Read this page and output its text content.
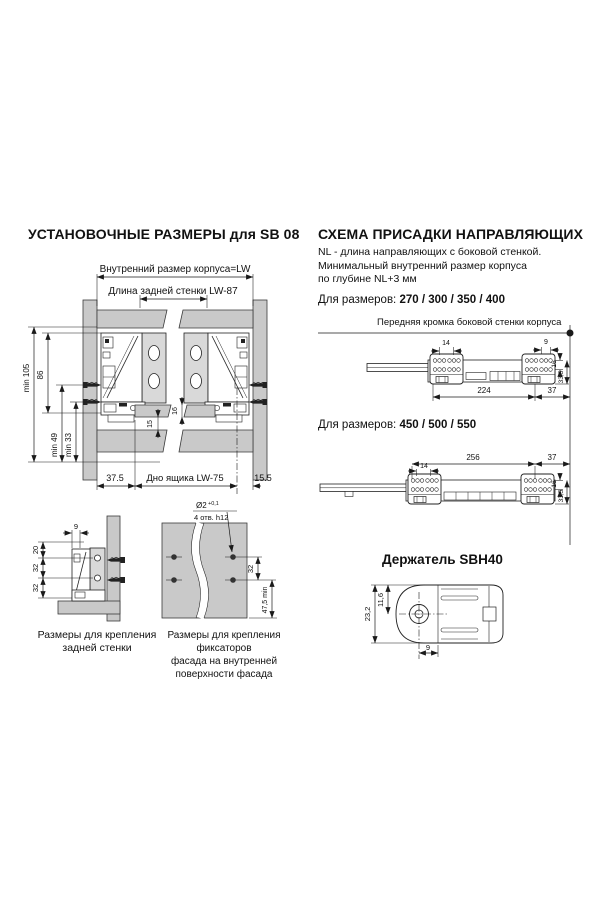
УСТАНОВОЧНЫЕ РАЗМЕРЫ для SB 08 СХЕМА ПРИСАДКИ НАПРАВЛЯЮЩИХ
NL - длина направляющих с боковой стенкой.
Минимальный внутренний размер корпуса
по глубине NL+3 мм
Для размеров: 270 / 300 / 350 / 400
Передняя кромка боковой стенки корпуса
Для размеров: 450 / 500 / 550
Держатель SBH40
Размеры для крепления
задней стенки
Размеры для крепления фиксаторов
фасада на внутренней
поверхности фасада
Внутренний размер корпуса=LW
Длина задней стенки LW-87
min 105 86
min 49 min 33
15
16
37.5 Дно ящика LW-75	15.5
9
20
32
32
Ø2 +0,1
4 отв. h12
32
47,5 min
14	9
224	37
16
33,5
256	37
14
16
33,5
23,2
11,6
9
